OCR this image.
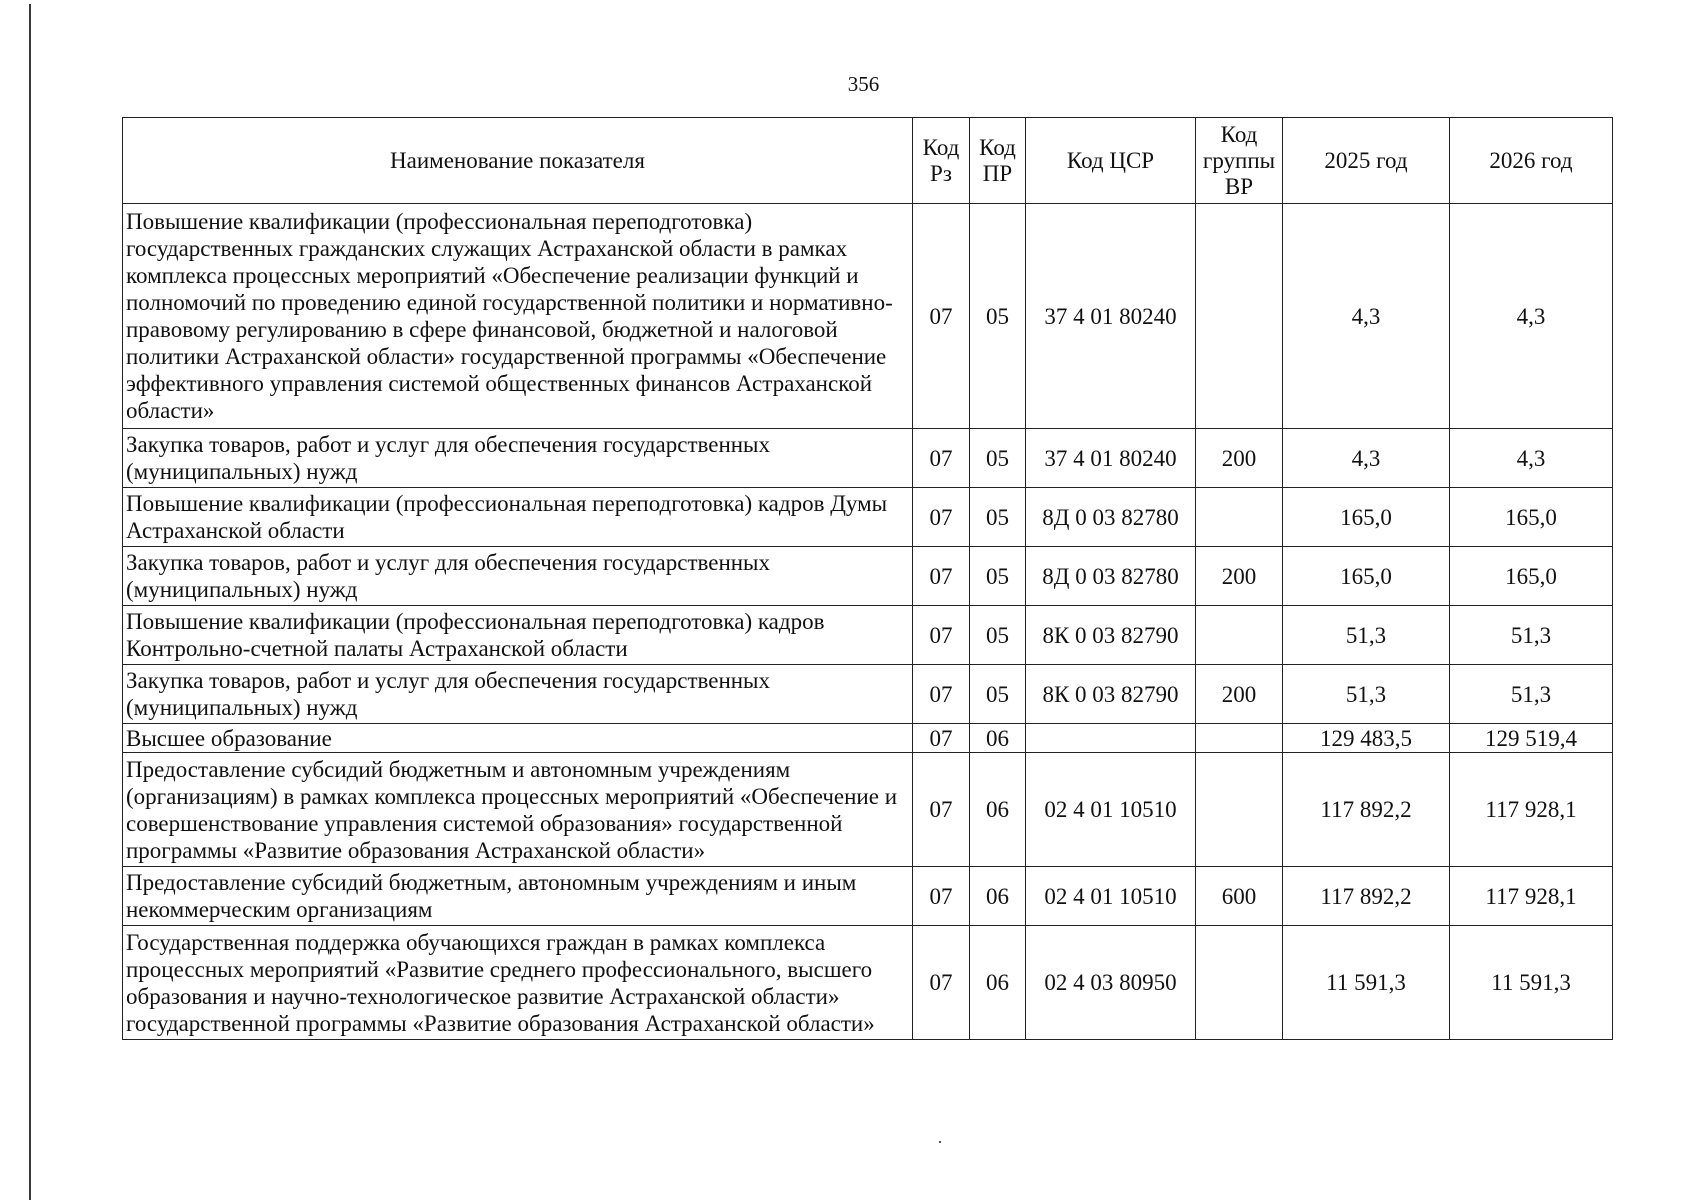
356
Наименование показателя	Код Рз	Код ПР	Код ЦСР	Код группы ВР	2025 год	2026 год
Повышение квалификации (профессиональная переподготовка) государственных гражданских служащих Астраханской области в рамках комплекса процессных мероприятий «Обеспечение реализации функций и полномочий по проведению единой государственной политики и нормативно-правовому регулированию в сфере финансовой, бюджетной и налоговой политики Астраханской области» государственной программы «Обеспечение эффективного управления системой общественных финансов Астраханской области»	07	05	37 4 01 80240		4,3	4,3
Закупка товаров, работ и услуг для обеспечения государственных (муниципальных) нужд	07	05	37 4 01 80240	200	4,3	4,3
Повышение квалификации (профессиональная переподготовка) кадров Думы Астраханской области	07	05	8Д 0 03 82780		165,0	165,0
Закупка товаров, работ и услуг для обеспечения государственных (муниципальных) нужд	07	05	8Д 0 03 82780	200	165,0	165,0
Повышение квалификации (профессиональная переподготовка) кадров Контрольно-счетной палаты Астраханской области	07	05	8К 0 03 82790		51,3	51,3
Закупка товаров, работ и услуг для обеспечения государственных (муниципальных) нужд	07	05	8К 0 03 82790	200	51,3	51,3
Высшее образование	07	06			129 483,5	129 519,4
Предоставление субсидий бюджетным и автономным учреждениям (организациям) в рамках комплекса процессных мероприятий «Обеспечение и совершенствование управления системой образования» государственной программы «Развитие образования Астраханской области»	07	06	02 4 01 10510		117 892,2	117 928,1
Предоставление субсидий бюджетным, автономным учреждениям и иным некоммерческим организациям	07	06	02 4 01 10510	600	117 892,2	117 928,1
Государственная поддержка обучающихся граждан в рамках комплекса процессных мероприятий «Развитие среднего профессионального, высшего образования и научно-технологическое развитие Астраханской области» государственной программы «Развитие образования Астраханской области»	07	06	02 4 03 80950		11 591,3	11 591,3
